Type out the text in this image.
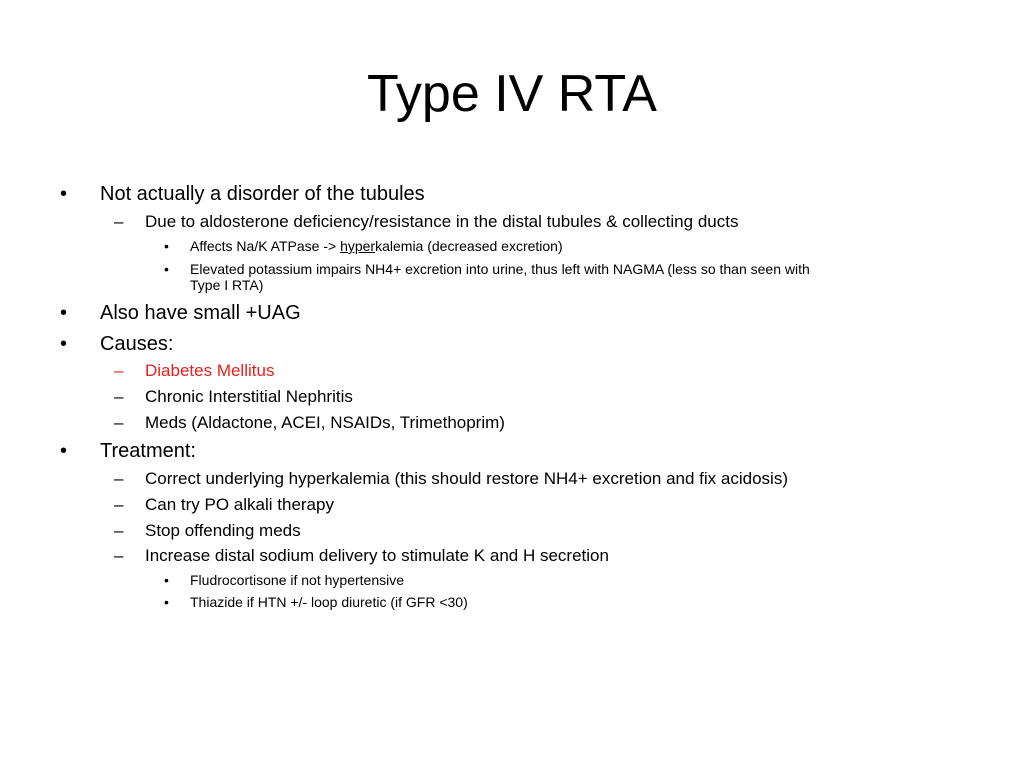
Type IV RTA
• Not actually a disorder of the tubules
– Due to aldosterone deficiency/resistance in the distal tubules & collecting ducts
• Affects Na/K ATPase -> hyperkalemia (decreased excretion)
• Elevated potassium impairs NH4+ excretion into urine, thus left with NAGMA (less so than seen with
Type I RTA)
• Also have small +UAG
• Causes:
– Diabetes Mellitus
– Chronic Interstitial Nephritis
– Meds (Aldactone, ACEI, NSAIDs, Trimethoprim)
• Treatment:
– Correct underlying hyperkalemia (this should restore NH4+ excretion and fix acidosis)
– Can try PO alkali therapy
– Stop offending meds
– Increase distal sodium delivery to stimulate K and H secretion
• Fludrocortisone if not hypertensive
• Thiazide if HTN +/- loop diuretic (if GFR <30)
